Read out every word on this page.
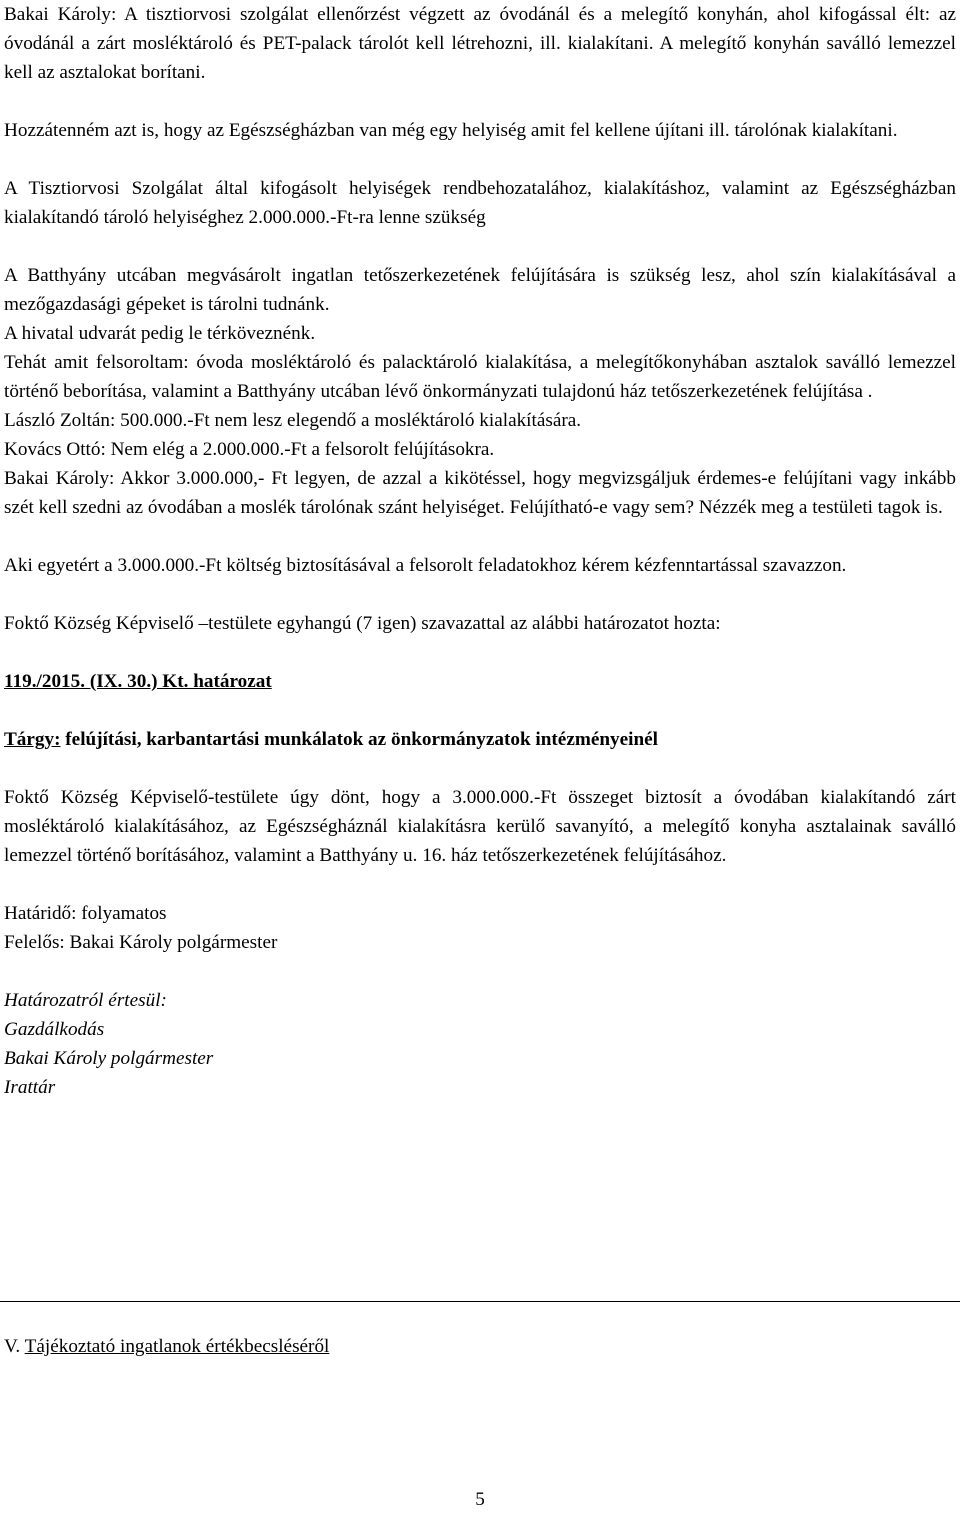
Bakai Károly: A tisztiorvosi szolgálat ellenőrzést végzett az óvodánál és a melegítő konyhán, ahol kifogással élt: az óvodánál a zárt mosléktároló és PET-palack tárolót kell létrehozni, ill. kialakítani. A melegítő konyhán saválló lemezzel kell az asztalokat borítani.

Hozzátenném azt is, hogy az Egészségházban van még egy helyiség amit fel kellene újítani ill. tárolónak kialakítani.

A Tisztiorvosi Szolgálat által kifogásolt helyiségek rendbehozatalához, kialakításhoz, valamint az Egészségházban kialakítandó tároló helyiséghez 2.000.000.-Ft-ra lenne szükség

A Batthyány utcában megvásárolt ingatlan tetőszerkezetének felújítására is szükség lesz, ahol szín kialakításával a mezőgazdasági gépeket is tárolni tudnánk.

A hivatal udvarát pedig le térköveznénk.

Tehát amit felsoroltam: óvoda mosléktároló és palacktároló kialakítása, a melegítőkonyhában asztalok saválló lemezzel történő beborítása, valamint a Batthyány utcában lévő önkormányzati tulajdonú ház tetőszerkezetének felújítása .

László Zoltán: 500.000.-Ft nem lesz elegendő a mosléktároló kialakítására.

Kovács Ottó: Nem elég a 2.000.000.-Ft a felsorolt felújításokra.

Bakai Károly: Akkor 3.000.000,- Ft legyen, de azzal a kikötéssel, hogy megvizsgáljuk érdemes-e felújítani vagy inkább szét kell szedni az óvodában a moslék tárolónak szánt helyiséget. Felújítható-e vagy sem? Nézzék meg a testületi tagok is.

Aki egyetért a 3.000.000.-Ft költség biztosításával a felsorolt feladatokhoz kérem kézfenntartással szavazzon.

Foktő Község Képviselő –testülete egyhangú (7 igen) szavazattal az alábbi határozatot hozta:

119./2015. (IX. 30.) Kt. határozat

Tárgy: felújítási, karbantartási munkálatok az önkormányzatok intézményeinél

Foktő Község Képviselő-testülete úgy dönt, hogy a 3.000.000.-Ft összeget biztosít a óvodában kialakítandó zárt mosléktároló kialakításához, az Egészségháznál kialakításra kerülő savanyító, a melegítő konyha asztalainak saválló lemezzel történő borításához, valamint a Batthyány u. 16. ház tetőszerkezetének felújításához.

Határidő: folyamatos

Felelős: Bakai Károly polgármester

Határozatról értesül:

Gazdálkodás

Bakai Károly polgármester

Irattár

V. Tájékoztató ingatlanok értékbecsléséről

5
